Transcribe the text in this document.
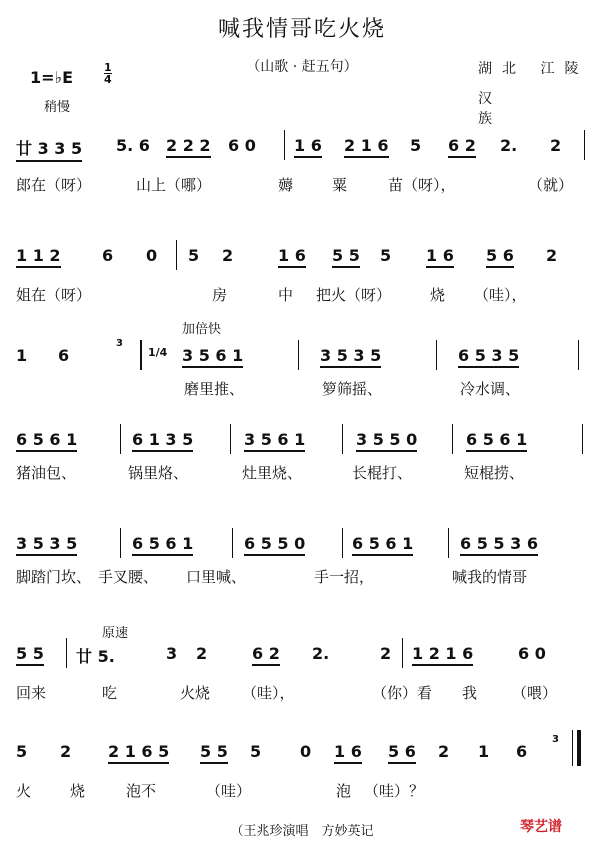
喊我情哥吃火烧
（山歌 · 赶五句）	湖北 江陵
汉 族
1=♭E
1
4
稍慢
廿 3 3 5 5. 6 2 2 2 6 0 1 6 2 1 6 5 6 2 2. 2
郎在（呀）	山上（哪）	薅	粟	苗（呀），	（就）
1 1 2	6 0 5 2	1 6 5 5 5 1 6 5 6 2
姐在（呀）	房	中 把火（呀）	烧 （哇），
加倍快
1 6
3
1/4 3 5 6 1	3 5 3 5	6 5 3 5
磨里推、	箩筛摇、	冷水调、
6 5 6 1	6 1 3 5	3 5 6 1	3 5 5 0	6 5 6 1
猪油包、	锅里烙、	灶里烧、	长棍打、	短棍捞、
3 5 3 5	6 5 6 1	6 5 5 0	6 5 6 1	6 5 5 3 6
脚踏门坎、 手叉腰、 口里喊、	手一招，	喊我的情哥
原速
5 5 廿 5.	3 2	6 2 2.	2 1 2 1 6	6 0
回来	吃	火烧 （哇），	（你）看 我 （喂）
5 2 2 1 6 5 5 5 5 0 1 6 5 6 2 1 6
3
火	烧	泡不	（哇）	泡 （哇）？
（王兆珍演唱　方妙英记	琴艺谱
